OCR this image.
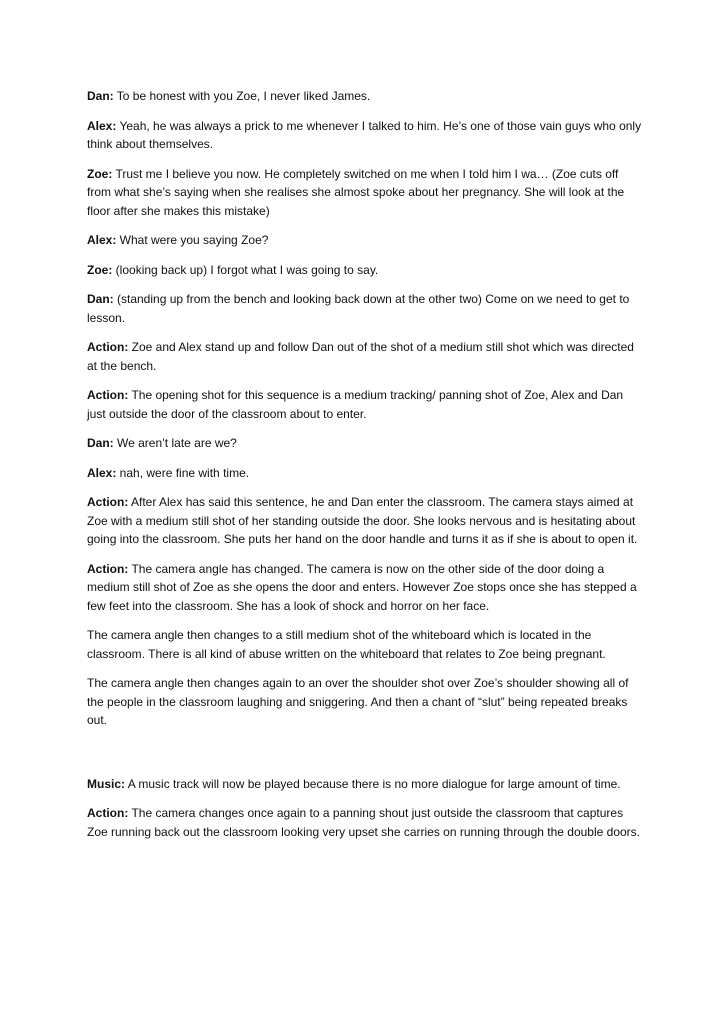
Dan: To be honest with you Zoe, I never liked James.

Alex: Yeah, he was always a prick to me whenever I talked to him. He’s one of those vain guys who only think about themselves.

Zoe: Trust me I believe you now. He completely switched on me when I told him I wa… (Zoe cuts off from what she’s saying when she realises she almost spoke about her pregnancy. She will look at the floor after she makes this mistake)

Alex: What were you saying Zoe?

Zoe: (looking back up) I forgot what I was going to say.

Dan: (standing up from the bench and looking back down at the other two) Come on we need to get to lesson.

Action: Zoe and Alex stand up and follow Dan out of the shot of a medium still shot which was directed at the bench.

Action: The opening shot for this sequence is a medium tracking/ panning shot of Zoe, Alex and Dan just outside the door of the classroom about to enter.

Dan: We aren’t late are we?

Alex: nah, were fine with time.

Action: After Alex has said this sentence, he and Dan enter the classroom. The camera stays aimed at Zoe with a medium still shot of her standing outside the door. She looks nervous and is hesitating about going into the classroom. She puts her hand on the door handle and turns it as if she is about to open it.

Action: The camera angle has changed. The camera is now on the other side of the door doing a medium still shot of Zoe as she opens the door and enters. However Zoe stops once she has stepped a few feet into the classroom. She has a look of shock and horror on her face.

The camera angle then changes to a still medium shot of the whiteboard which is located in the classroom. There is all kind of abuse written on the whiteboard that relates to Zoe being pregnant.

The camera angle then changes again to an over the shoulder shot over Zoe’s shoulder showing all of the people in the classroom laughing and sniggering. And then a chant of “slut” being repeated breaks out.

Music: A music track will now be played because there is no more dialogue for large amount of time.

Action: The camera changes once again to a panning shout just outside the classroom that captures Zoe running back out the classroom looking very upset she carries on running through the double doors.
